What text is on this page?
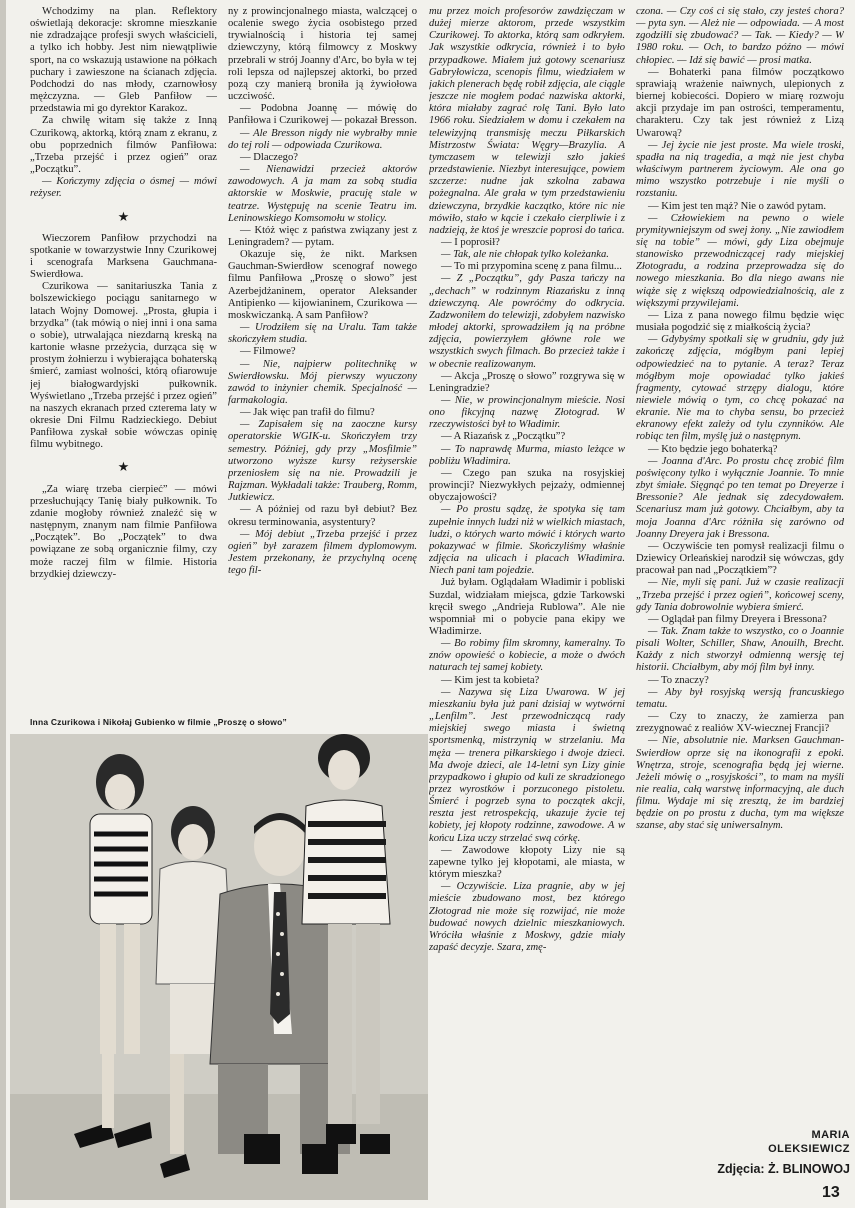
Wchodzimy na plan. Reflektory oświetlają dekoracje: skromne mieszkanie nie zdradzające profesji swych właścicieli, a tylko ich hobby. Jest nim niewątpliwie sport, na co wskazują ustawione na półkach puchary i zawieszone na ścianach zdjęcia. Podchodzi do nas młody, czarnowłosy mężczyzna. — Gleb Panfiłow — przedstawia mi go dyrektor Karakoz.

Za chwilę witam się także z Inną Czurikową, aktorką, którą znam z ekranu, z obu poprzednich filmów Panfiłowa: „Trzeba przejść i przez ogień” oraz „Początku”.

— Kończymy zdjęcia o ósmej — mówi reżyser.

★

Wieczorem Panfiłow przychodzi na spotkanie w towarzystwie Inny Czurikowej i scenografa Marksena Gauchmana-Swierdłowa.

Czurikowa — sanitariuszka Tania z bolszewickiego pociągu sanitarnego w latach Wojny Domowej. „Prosta, głupia i brzydka” (tak mówią o niej inni i ona sama o sobie), utrwalająca niezdarną kreską na kartonie własne przeżycia, durząca się w prostym żołnierzu i wybierająca bohaterską śmierć, zamiast wolności, którą ofiarowuje jej białogwardyjski pułkownik. Wyświetlano „Trzeba przejść i przez ogień” na naszych ekranach przed czterema laty w okresie Dni Filmu Radzieckiego. Debiut Panfiłowa zyskał sobie wówczas opinię filmu wybitnego.

★

„Za wiarę trzeba cierpieć” — mówi przesłuchujący Tanię biały pułkownik. To zdanie mogłoby również znaleźć się w następnym, znanym nam filmie Panfiłowa „Początek”. Bo „Początek” to dwa powiązane ze sobą organicznie filmy, czy może raczej film w filmie. Historia brzydkiej dziewczy-

ny z prowincjonalnego miasta, walczącej o ocalenie swego życia osobistego przed trywialnością i historia tej samej dziewczyny, którą filmowcy z Moskwy przebrali w strój Joanny d'Arc, bo była w tej roli lepsza od najlepszej aktorki, bo przed pozą czy manierą broniła ją żywiołowa uczciwość.

— Podobna Joannę — mówię do Panfiłowa i Czurikowej — pokazał Bresson.

— Ale Bresson nigdy nie wybrałby mnie do tej roli — odpowiada Czurikowa.

— Dlaczego?

— Nienawidzi przecież aktorów zawodowych. A ja mam za sobą studia aktorskie w Moskwie, pracuję stale w teatrze. Występuję na scenie Teatru im. Leninowskiego Komsomołu w stolicy.

— Któż więc z państwa związany jest z Leningradem? — pytam.

Okazuje się, że nikt. Marksen Gauchman-Swierdłow scenograf nowego filmu Panfiłowa „Proszę o słowo” jest Azerbejdżaninem, operator Aleksander Antipienko — kijowianinem, Czurikowa — moskwiczanką. A sam Panfiłow?

— Urodziłem się na Uralu. Tam także skończyłem studia.

— Filmowe?

— Nie, najpierw politechnikę w Swierdłowsku. Mój pierwszy wyuczony zawód to inżynier chemik. Specjalność — farmakologia.

— Jak więc pan trafił do filmu?

— Zapisałem się na zaoczne kursy operatorskie WGIK-u. Skończyłem trzy semestry. Później, gdy przy „Mosfilmie” utworzono wyższe kursy reżyserskie przeniosłem się na nie. Prowadzili je Rajzman. Wykładali także: Trauberg, Romm, Jutkiewicz.

— A później od razu był debiut? Bez okresu terminowania, asystentury?

— Mój debiut „Trzeba przejść i przez ogień” był zarazem filmem dyplomowym. Jestem przekonany, że przychylną ocenę tego fil-

mu przez moich profesorów zawdzięczam w dużej mierze aktorom, przede wszystkim Czurikowej. To aktorka, którą sam odkryłem. Jak wszystkie odkrycia, również i to było przypadkowe. Miałem już gotowy scenariusz Gabryłowicza, scenopis filmu, wiedziałem w jakich plenerach będę robił zdjęcia, ale ciągle jeszcze nie mogłem podać nazwiska aktorki, która miałaby zagrać rolę Tani. Było lato 1966 roku. Siedziałem w domu i czekałem na telewizyjną transmisję meczu Piłkarskich Mistrzostw Świata: Węgry—Brazylia. A tymczasem w telewizji szło jakieś przedstawienie. Niezbyt interesujące, powiem szczerze: nudne jak szkolna zabawa pożegnalna. Ale grała w tym przedstawieniu dziewczyna, brzydkie kaczątko, które nic nie mówiło, stało w kącie i czekało cierpliwie i z nadzieją, że ktoś je wreszcie poprosi do tańca.

— I poprosił?

— Tak, ale nie chłopak tylko koleżanka.

— To mi przypomina scenę z pana filmu...

— Z „Początku”, gdy Pasza tańczy na „dechach” w rodzinnym Riazańsku z inną dziewczyną. Ale powróćmy do odkrycia. Zadzwoniłem do telewizji, zdobyłem nazwisko młodej aktorki, sprowadziłem ją na próbne zdjęcia, powierzyłem główne role we wszystkich swych filmach. Bo przecież także i w obecnie realizowanym.

— Akcja „Proszę o słowo” rozgrywa się w Leningradzie?

— Nie, w prowincjonalnym mieście. Nosi ono fikcyjną nazwę Złotograd. W rzeczywistości był to Władimir.

— A Riazańsk z „Początku”?

— To naprawdę Murma, miasto leżące w pobliżu Władimira.

— Czego pan szuka na rosyjskiej prowincji? Niezwykłych pejzaży, odmiennej obyczajowości?

— Po prostu sądzę, że spotyka się tam zupełnie innych ludzi niż w wielkich miastach, ludzi, o których warto mówić i których warto pokazywać w filmie. Skończyliśmy właśnie zdjęcia na ulicach i placach Władimira. Niech pani tam pojedzie.

Już byłam. Oglądałam Władimir i pobliski Suzdal, widziałam miejsca, gdzie Tarkowski kręcił swego „Andrieja Rublowa”. Ale nie wspomniał mi o pobycie pana ekipy we Władimirze.

— Bo robimy film skromny, kameralny. To znów opowieść o kobiecie, a może o dwóch naturach tej samej kobiety.

— Kim jest ta kobieta?

— Nazywa się Liza Uwarowa. W jej mieszkaniu była już pani dzisiaj w wytwórni „Lenfilm”. Jest przewodniczącą rady miejskiej swego miasta i świetną sportsmenką, mistrzynią w strzelaniu. Ma męża — trenera piłkarskiego i dwoje dzieci. Ma dwoje dzieci, ale 14-letni syn Lizy ginie przypadkowo i głupio od kuli ze skradzionego przez wyrostków i porzuconego pistoletu. Śmierć i pogrzeb syna to początek akcji, reszta jest retrospekcją, ukazuje życie tej kobiety, jej kłopoty rodzinne, zawodowe. A w końcu Liza uczy strzelać swą córkę.

— Zawodowe kłopoty Lizy nie są zapewne tylko jej kłopotami, ale miasta, w którym mieszka?

— Oczywiście. Liza pragnie, aby w jej mieście zbudowano most, bez którego Złotograd nie może się rozwijać, nie może budować nowych dzielnic mieszkaniowych. Wróciła właśnie z Moskwy, gdzie miały zapaść decyzje. Szara, zmę-

czona. — Czy coś ci się stało, czy jesteś chora? — pyta syn. — Ależ nie — odpowiada. — A most zgodziłli się zbudować? — Tak. — Kiedy? — W 1980 roku. — Och, to bardzo późno — mówi chłopiec. — Idź się bawić — prosi matka.

— Bohaterki pana filmów początkowo sprawiają wrażenie naiwnych, ulepionych z biernej kobiecości. Dopiero w miarę rozwoju akcji przydaje im pan ostrości, temperamentu, charakteru. Czy tak jest również z Lizą Uwarową?

— Jej życie nie jest proste. Ma wiele troski, spadła na nią tragedia, a mąż nie jest chyba właściwym partnerem życiowym. Ale ona go mimo wszystko potrzebuje i nie myśli o rozstaniu.

— Kim jest ten mąż? Nie o zawód pytam.

— Człowiekiem na pewno o wiele prymitywniejszym od swej żony. „Nie zawiodłem się na tobie” — mówi, gdy Liza obejmuje stanowisko przewodniczącej rady miejskiej Złotogradu, a rodzina przeprowadza się do nowego mieszkania. Bo dla niego awans nie wiąże się z większą odpowiedzialnością, ale z większymi przywilejami.

— Liza z pana nowego filmu będzie więc musiała pogodzić się z miałkością życia?

— Gdybyśmy spotkali się w grudniu, gdy już zakończę zdjęcia, mógłbym pani lepiej odpowiedzieć na to pytanie. A teraz? Teraz mógłbym moje opowiadać tylko jakieś fragmenty, cytować strzępy dialogu, które niewiele mówią o tym, co chcę pokazać na ekranie. Nie ma to chyba sensu, bo przecież ekranowy efekt zależy od tylu czynników. Ale robiąc ten film, myślę już o następnym.

— Kto będzie jego bohaterką?

— Joanna d'Arc. Po prostu chcę zrobić film poświęcony tylko i wyłącznie Joannie. To mnie zbyt śmiałe. Sięgnąć po ten temat po Dreyerze i Bressonie? Ale jednak się zdecydowałem. Scenariusz mam już gotowy. Chciałbym, aby ta moja Joanna d'Arc różniła się zarówno od Joanny Dreyera jak i Bressona.

— Oczywiście ten pomysł realizacji filmu o Dziewicy Orleańskiej narodził się wówczas, gdy pracował pan nad „Początkiem”?

— Nie, myli się pani. Już w czasie realizacji „Trzeba przejść i przez ogień”, końcowej sceny, gdy Tania dobrowolnie wybiera śmierć.

— Oglądał pan filmy Dreyera i Bressona?

— Tak. Znam także to wszystko, co o Joannie pisali Wolter, Schiller, Shaw, Anouilh, Brecht. Każdy z nich stworzył odmienną wersję tej historii. Chciałbym, aby mój film był inny.

— To znaczy?

— Aby był rosyjską wersją francuskiego tematu.

— Czy to znaczy, że zamierza pan zrezygnować z realiów XV-wiecznej Francji?

— Nie, absolutnie nie. Marksen Gauchman-Swierdłow oprze się na ikonografii z epoki. Wnętrza, stroje, scenografia będą jej wierne. Jeżeli mówię o „rosyjskości”, to mam na myśli nie realia, całą warstwę informacyjną, ale duch filmu. Wydaje mi się zresztą, że im bardziej będzie on po prostu z ducha, tym ma większe szanse, aby stać się uniwersalnym.

Inna Czurikowa i Nikołaj Gubienko w filmie „Proszę o słowo”
MARIA
OLEKSIEWICZ
Zdjęcia: Ż. BLINOWOJ
13
